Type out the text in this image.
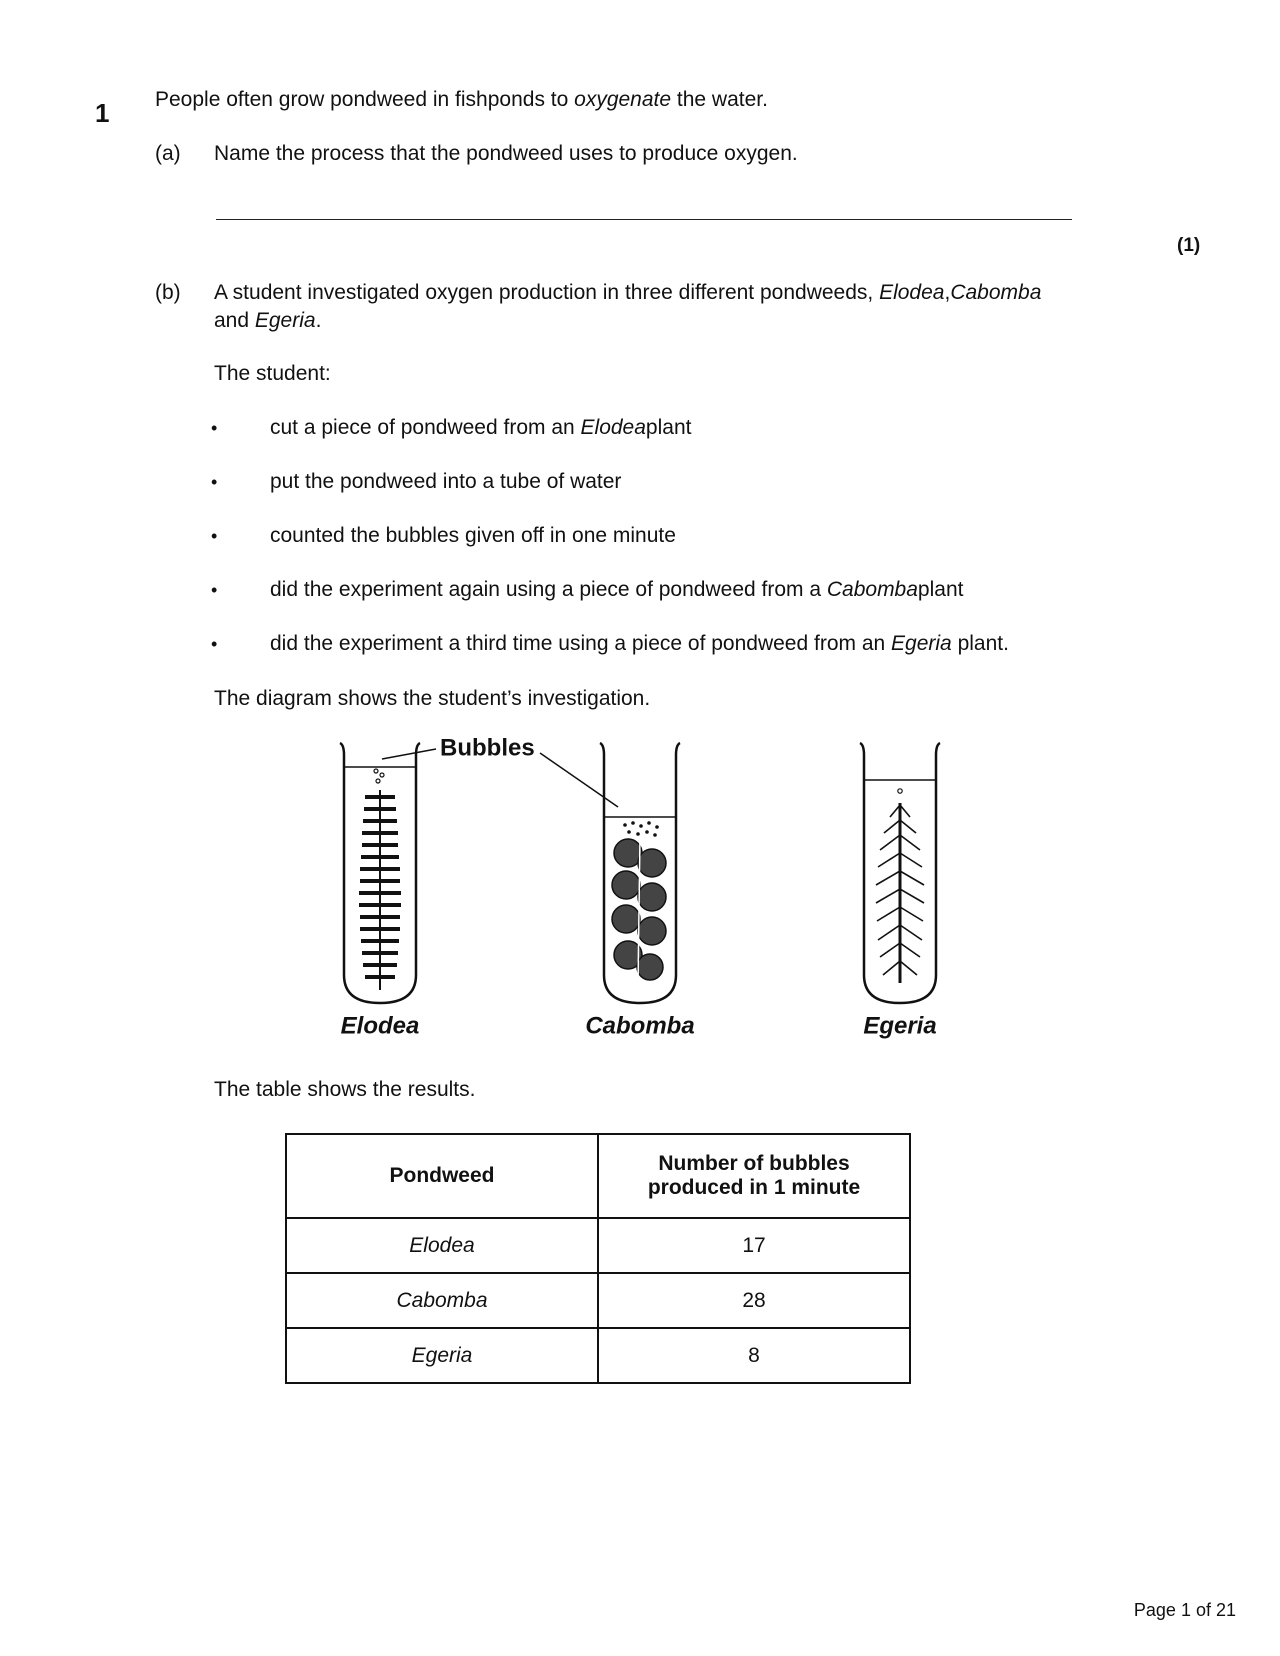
1 People often grow pondweed in fishponds to oxygenate the water.
(a) Name the process that the pondweed uses to produce oxygen.
(1)
(b) A student investigated oxygen production in three different pondweeds, Elodea,Cabomba
and Egeria.
The student:
•	cut a piece of pondweed from an Elodeaplant
•	put the pondweed into a tube of water
•	counted the bubbles given off in one minute
•	did the experiment again using a piece of pondweed from a Cabombaplant
•	did the experiment a third time using a piece of pondweed from an Egeria plant.
The diagram shows the student’s investigation.
Bubbles
Elodea	Cabomba	Egeria
The table shows the results.
Pondweed	Number of bubbles
produced in 1 minute
Elodea	17
Cabomba	28
Egeria	8
Page 1 of 21
